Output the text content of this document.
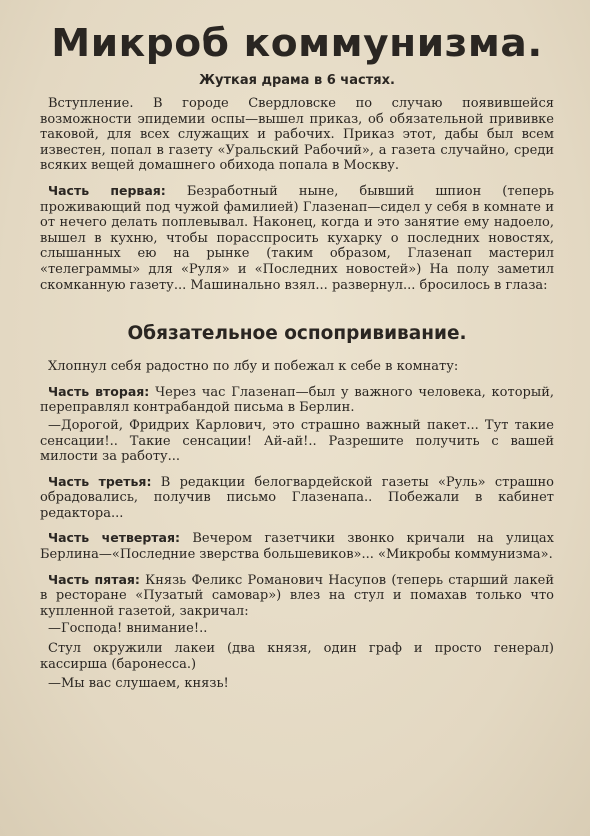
Микроб коммунизма.
Жуткая драма в 6 частях.

Вступление. В городе Свердловске по случаю появившейся возможности эпидемии оспы—вышел приказ, об обязательной прививке таковой, для всех служащих и рабочих. Приказ этот, дабы был всем известен, попал в газету «Уральский Рабочий», а газета случайно, среди всяких вещей домашнего обихода попала в Москву.

Часть первая: Безработный ныне, бывший шпион (теперь проживающий под чужой фамилией) Глазенап—сидел у себя в комнате и от нечего делать поплевывал. Наконец, когда и это занятие ему надоело, вышел в кухню, чтобы порасспросить кухарку о последних новостях, слышанных ею на рынке (таким образом, Глазенап мастерил «телеграммы» для «Руля» и «Последних новостей») На полу заметил скомканную газету... Машинально взял... развернул... бросилось в глаза:

Обязательное оспопрививание.

Хлопнул себя радостно по лбу и побежал к себе в комнату:

Часть вторая: Через час Глазенап—был у важного человека, который, переправлял контрабандой письма в Берлин.

—Дорогой, Фридрих Карлович, это страшно важный пакет... Тут такие сенсации!.. Такие сенсации! Ай-ай!.. Разрешите получить с вашей милости за работу...

Часть третья: В редакции белогвардейской газеты «Руль» страшно обрадовались, получив письмо Глазенапа.. Побежали в кабинет редактора...

Часть четвертая: Вечером газетчики звонко кричали на улицах Берлина—«Последние зверства большевиков»... «Микробы коммунизма».

Часть пятая: Князь Феликс Романович Насупов (теперь старший лакей в ресторане «Пузатый самовар») влез на стул и помахав только что купленной газетой, закричал:

—Господа! внимание!..

Стул окружили лакеи (два князя, один граф и просто генерал) кассирша (баронесса.)

—Мы вас слушаем, князь!
